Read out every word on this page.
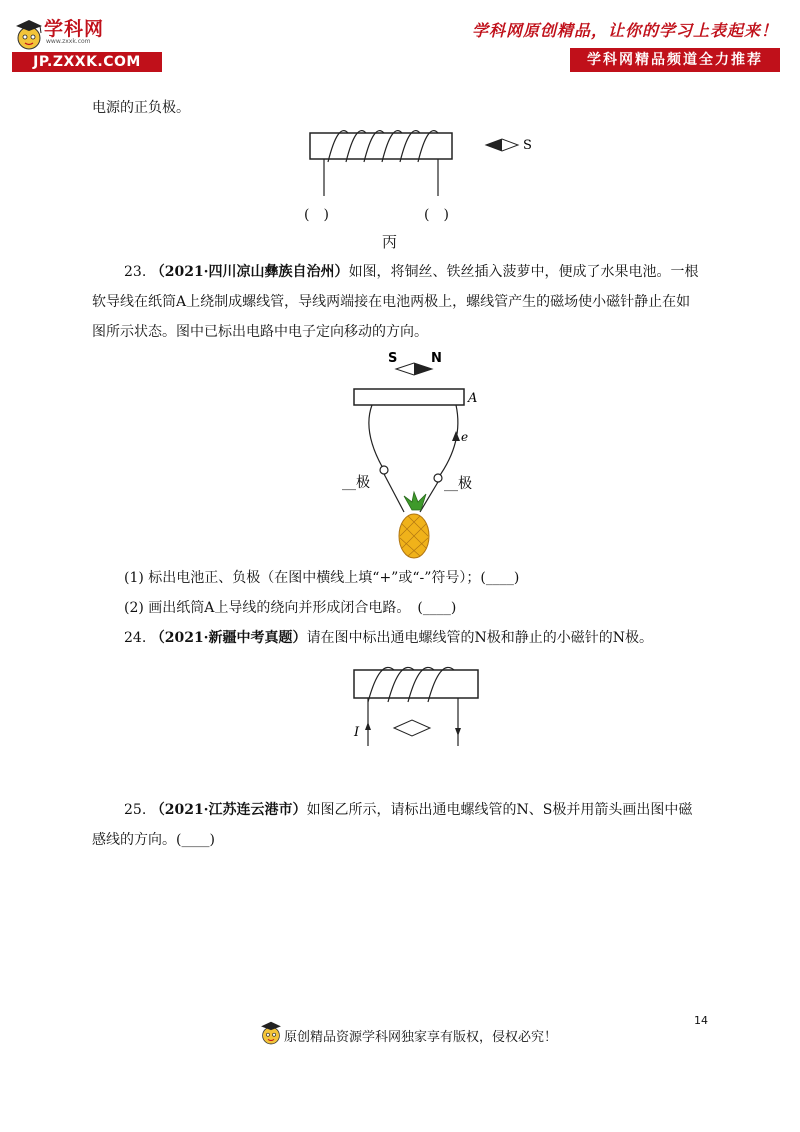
学科网
www.zxxk.com
JP.ZXXK.COM
学科网原创精品，让你的学习上表起来！
学科网精品频道全力推荐
电源的正负极。
S
(　)	(　)
丙
23. （2021·四川凉山彝族自治州）如图，将铜丝、铁丝插入菠萝中，便成了水果电池。一根
软导线在纸筒A上绕制成螺线管，导线两端接在电池两极上，螺线管产生的磁场使小磁针静止在如
图所示状态。图中已标出电路中电子定向移动的方向。
S	N
A
e
__极	__极
(1) 标出电池正、负极（在图中横线上填“+”或“-”符号）；(____)
(2) 画出纸筒A上导线的绕向并形成闭合电路。　(____)
24. （2021·新疆中考真题）请在图中标出通电螺线管的N极和静止的小磁针的N极。
I
25. （2021·江苏连云港市）如图乙所示，请标出通电螺线管的N、S极并用箭头画出图中磁
感线的方向。(____)
14
原创精品资源学科网独家享有版权，侵权必究！
